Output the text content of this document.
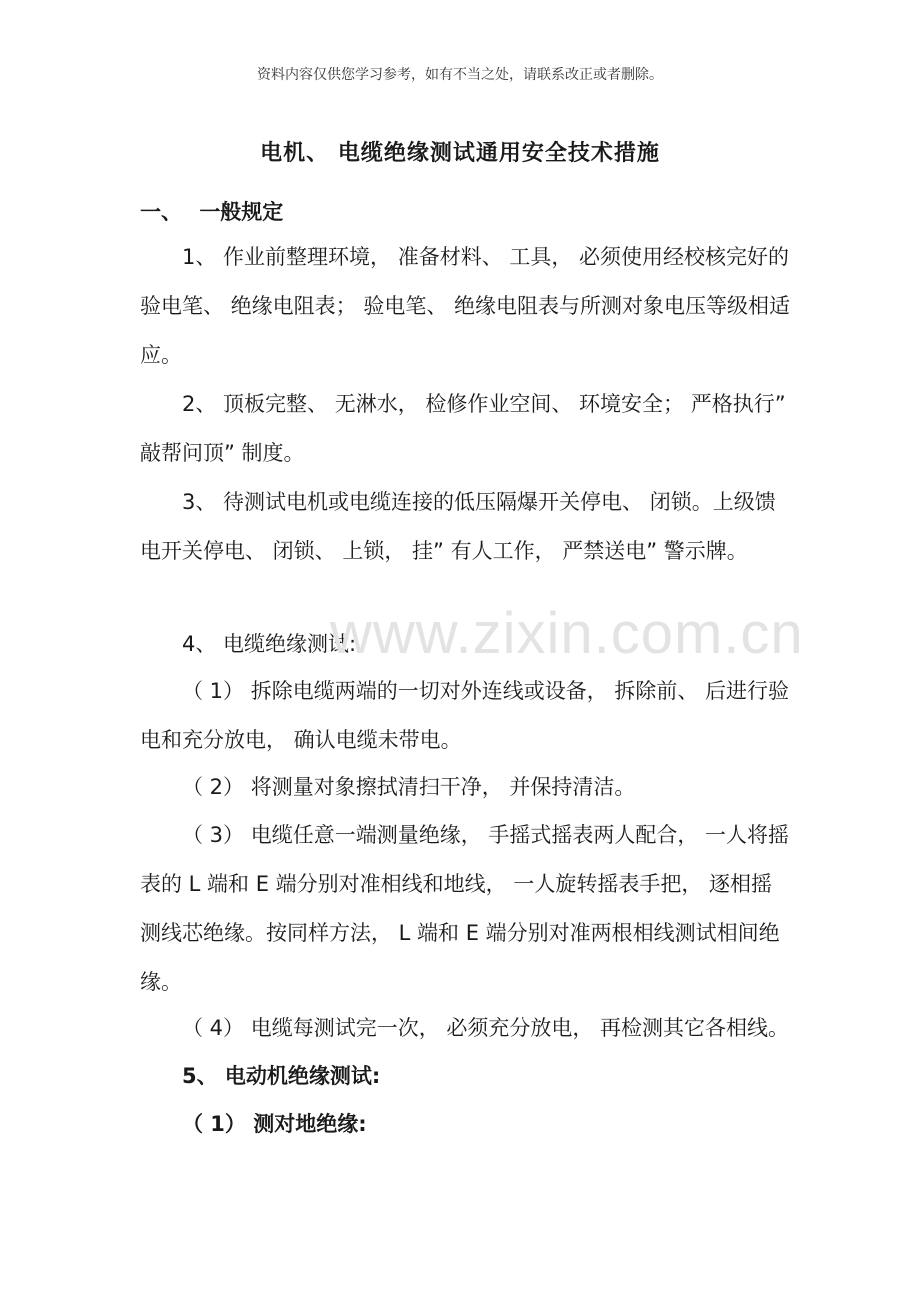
资料内容仅供您学习参考，如有不当之处，请联系改正或者删除。
电机、 电缆绝缘测试通用安全技术措施
一、 一般规定
1、 作业前整理环境， 准备材料、 工具， 必须使用经校核完好的验电笔、 绝缘电阻表； 验电笔、 绝缘电阻表与所测对象电压等级相适应。
2、 顶板完整、 无淋水， 检修作业空间、 环境安全； 严格执行” 敲帮问顶” 制度。
3、 待测试电机或电缆连接的低压隔爆开关停电、 闭锁。上级馈电开关停电、 闭锁、 上锁， 挂” 有人工作， 严禁送电” 警示牌。
4、 电缆绝缘测试:
（ 1） 拆除电缆两端的一切对外连线或设备， 拆除前、 后进行验电和充分放电， 确认电缆未带电。
（ 2） 将测量对象擦拭清扫干净， 并保持清洁。
（ 3） 电缆任意一端测量绝缘， 手摇式摇表两人配合， 一人将摇表的 L 端和 E 端分别对准相线和地线， 一人旋转摇表手把， 逐相摇测线芯绝缘。按同样方法， L 端和 E 端分别对准两根相线测试相间绝缘。
（ 4） 电缆每测试完一次， 必须充分放电， 再检测其它各相线。
5、 电动机绝缘测试:
（ 1） 测对地绝缘:
www.zixin.com.cn
